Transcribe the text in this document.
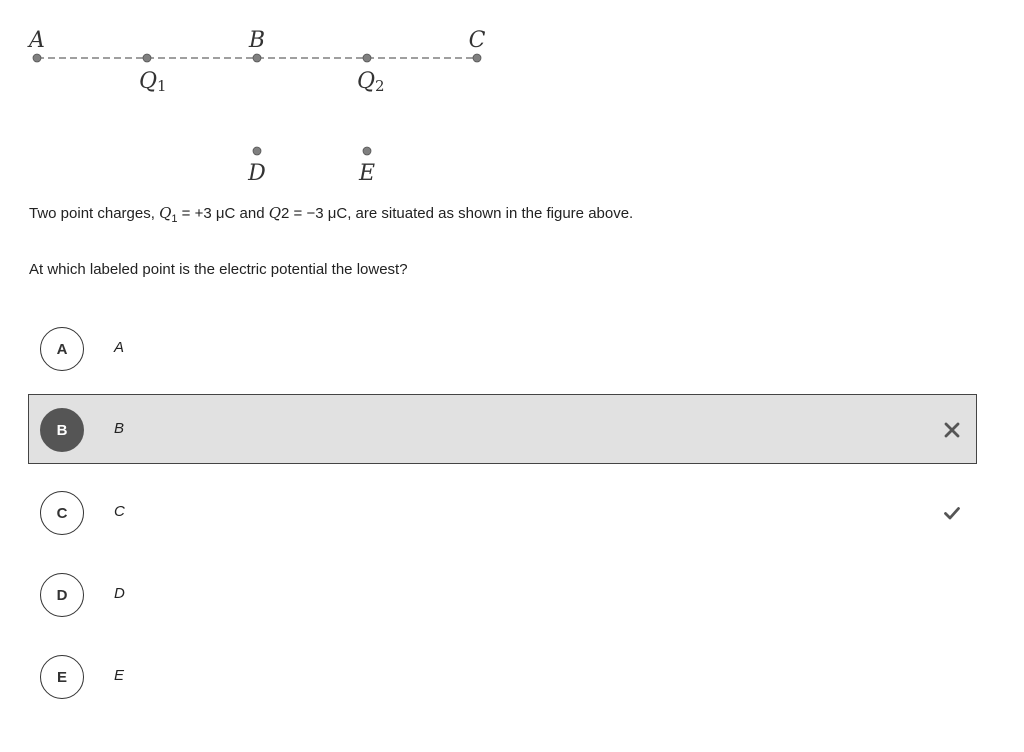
A	B	C
D	E
Q1	Q2
Two point charges, $Q_1 = +3$ μC and Q2 = −3 μC, are situated as shown in the figure above.
At which labeled point is the electric potential the lowest?
A	A
B	B
C	C
D	D
E	E
